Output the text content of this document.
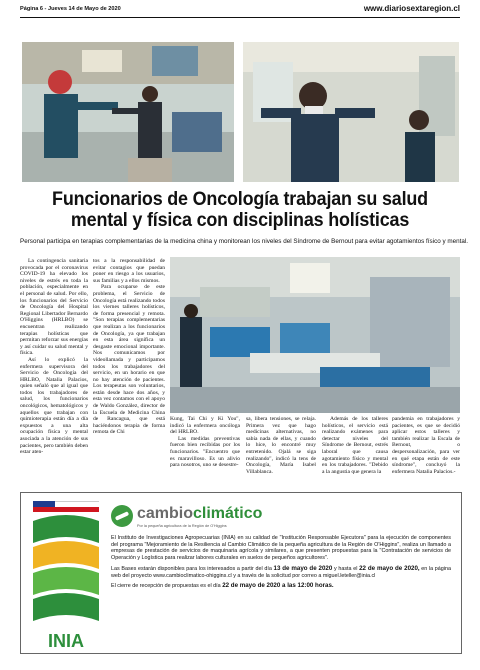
Página 6 - Jueves 14 de Mayo de 2020	www.diariosextaregion.cl
Funcionarios de Oncología trabajan su salud mental y física con disciplinas holísticas

Personal participa en terapias complementarias de la medicina china y monitorean los niveles del Síndrome de Bernout para evitar agotamientos físico y mental.

La contingencia sanitaria provocada por el coronavirus COVID-19 ha elevado los niveles de estrés en toda la población, especialmente en el personal de salud. Por ello, los funcionarios del Servicio de Oncología del Hospital Regional Libertador Bernardo O'Higgins (HRLBO) se encuentran realizando terapias holísticas que permitan reforzar sus energías y así cuidar su salud mental y física.

Así lo explicó la enfermera supervisora del Servicio de Oncología del HRLBO, Natalia Palacios, quien señaló que al igual que todos los trabajadores de salud, los funcionarios oncológicos, hematológicos y aquellos que trabajan con quimioterapia están día a día expuestos a una alta ocupación física y mental asociada a la atención de sus pacientes, pero también deben estar aten-

tos a la responsabilidad de evitar contagios que puedan poner en riesgo a los usuarios, sus familias y a ellos mismos.

Para ocuparse de este problema, el Servicio de Oncología está realizando todos los viernes talleres holísticos, de forma presencial y remota. "Son terapias complementarias que realizan a los funcionarios de Oncología, ya que trabajan en esta área significa un desgaste emocional importante. Nos comunicamos por videollamada y participamos todos los trabajadores del servicio, en un horario en que no hay atención de pacientes. Los terapeutas son voluntarios, están desde hace dos años, y esta vez contamos con el apoyo de Waldo González, director de la Escuela de Medicina China de Rancagua, que está haciéndonos terapia de forma remota de Chi

Kung, Tai Chi y Ki You", indicó la enfermera oncóloga del HRLBO.

Las medidas preventivas fueron bien recibidas por los funcionarios. "Encuentro que es maravilloso. Es un alivio para nosotros, uno se desestre-

sa, libera tensiones, se relaja. Primera vez que hago medicinas alternativas, no sabía nada de ellas, y cuando lo hice, lo encontré muy entretenido. Ojalá se siga realizando", indicó la tens de Oncología, María Isabel Villablanca.

Además de los talleres holísticos, el servicio está realizando exámenes para detectar niveles del Síndrome de Bernout, estrés laboral que causa agotamiento físico y mental en los trabajadores. "Debido a la angustia que genera la

pandemia en trabajadores y pacientes, es que se decidió aplicar estos talleres y también realizar la Escala de Bernout, o despersonalización, para ver en qué etapa están de este síndrome", concluyó la enfermera Natalia Palacios.-

INIA
cambioclimático
Por la pequeña agricultura de la Región de O'Higgins

El Instituto de Investigaciones Agropecuarias (INIA) en su calidad de "Institución Responsable Ejecutora" para la ejecución de componentes del programa "Mejoramiento de la Resiliencia al Cambio Climático de la pequeña agricultura de la Región de O'Higgins", realiza un llamado a empresas de prestación de servicios de maquinaria agrícola y similares, a que presenten propuestas para la "Contratación de servicios de Operación y Logística para realizar labores culturales en suelos de pequeños agricultores".

Las Bases estarán disponibles para los interesados a partir del día 13 de mayo de 2020 y hasta el 22 de mayo de 2020, en la página web del proyecto www.cambioclimatico-ohiggins.cl y a través de la solicitud por correo a miguel.leteller@inia.cl

El cierre de recepción de propuestas es el día 22 de mayo de 2020 a las 12:00 horas.
